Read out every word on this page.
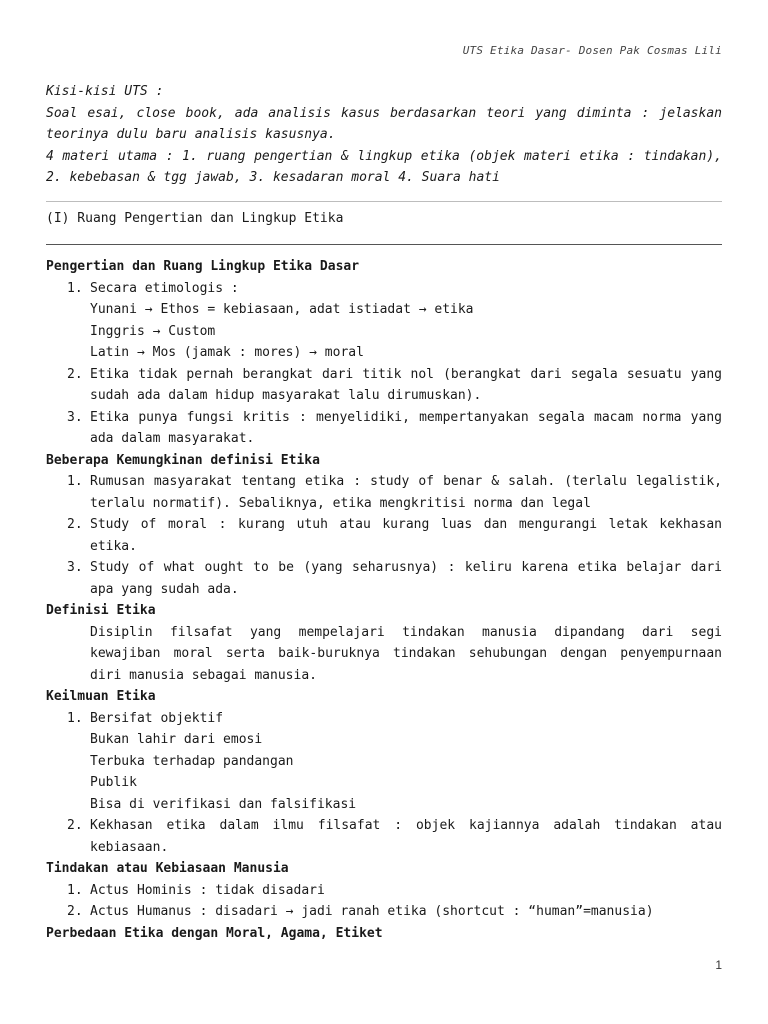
UTS Etika Dasar- Dosen Pak Cosmas Lili
Kisi-kisi UTS :
Soal esai, close book, ada analisis kasus berdasarkan teori yang diminta : jelaskan teorinya dulu baru analisis kasusnya.
4 materi utama : 1. ruang pengertian & lingkup etika (objek materi etika : tindakan), 2. kebebasan & tgg jawab, 3. kesadaran moral 4. Suara hati
(I) Ruang Pengertian dan Lingkup Etika
Pengertian dan Ruang Lingkup Etika Dasar
1. Secara etimologis :
Yunani → Ethos = kebiasaan, adat istiadat → etika
Inggris → Custom
Latin → Mos (jamak : mores) → moral
2. Etika tidak pernah berangkat dari titik nol (berangkat dari segala sesuatu yang sudah ada dalam hidup masyarakat lalu dirumuskan).
3. Etika punya fungsi kritis : menyelidiki, mempertanyakan segala macam norma yang ada dalam masyarakat.
Beberapa Kemungkinan definisi Etika
1. Rumusan masyarakat tentang etika : study of benar & salah. (terlalu legalistik, terlalu normatif). Sebaliknya, etika mengkritisi norma dan legal
2. Study of moral : kurang utuh atau kurang luas dan mengurangi letak kekhasan etika.
3. Study of what ought to be (yang seharusnya) : keliru karena etika belajar dari apa yang sudah ada.
Definisi Etika
Disiplin filsafat yang mempelajari tindakan manusia dipandang dari segi kewajiban moral serta baik-buruknya tindakan sehubungan dengan penyempurnaan diri manusia sebagai manusia.
Keilmuan Etika
1. Bersifat objektif
Bukan lahir dari emosi
Terbuka terhadap pandangan
Publik
Bisa di verifikasi dan falsifikasi
2. Kekhasan etika dalam ilmu filsafat : objek kajiannya adalah tindakan atau kebiasaan.
Tindakan atau Kebiasaan Manusia
1. Actus Hominis : tidak disadari
2. Actus Humanus : disadari → jadi ranah etika (shortcut : “human”=manusia)
Perbedaan Etika dengan Moral, Agama, Etiket
1
